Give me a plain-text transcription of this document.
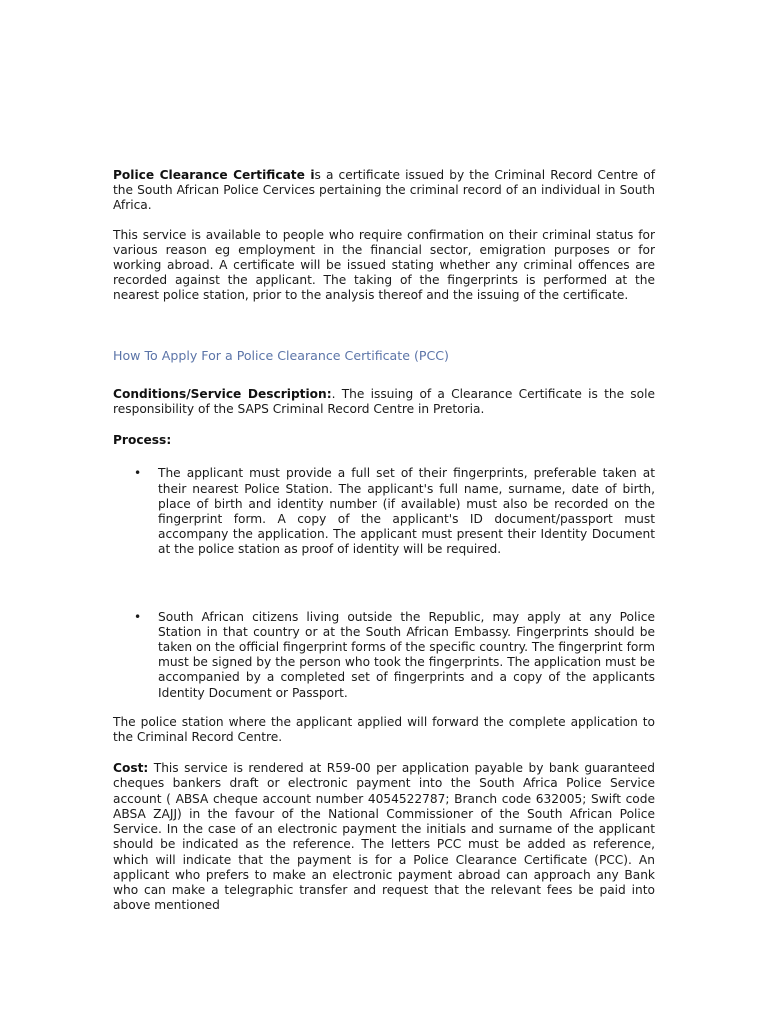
Police Clearance Certificate is a certificate issued by the Criminal Record Centre of the South African Police Cervices pertaining the criminal record of an individual in South Africa.

This service is available to people who require confirmation on their criminal status for various reason eg employment in the financial sector, emigration purposes or for working abroad. A certificate will be issued stating whether any criminal offences are recorded against the applicant. The taking of the fingerprints is performed at the nearest police station, prior to the analysis thereof and the issuing of the certificate.

How To Apply For a Police Clearance Certificate (PCC)

Conditions/Service Description:. The issuing of a Clearance Certificate is the sole responsibility of the SAPS Criminal Record Centre in Pretoria.

Process:

• The applicant must provide a full set of their fingerprints, preferable taken at their nearest Police Station. The applicant's full name, surname, date of birth, place of birth and identity number (if available) must also be recorded on the fingerprint form. A copy of the applicant's ID document/passport must accompany the application. The applicant must present their Identity Document at the police station as proof of identity will be required.
• South African citizens living outside the Republic, may apply at any Police Station in that country or at the South African Embassy. Fingerprints should be taken on the official fingerprint forms of the specific country. The fingerprint form must be signed by the person who took the fingerprints. The application must be accompanied by a completed set of fingerprints and a copy of the applicants Identity Document or Passport.

The police station where the applicant applied will forward the complete application to the Criminal Record Centre.

Cost: This service is rendered at R59-00 per application payable by bank guaranteed cheques bankers draft or electronic payment into the South Africa Police Service account ( ABSA cheque account number 4054522787; Branch code 632005; Swift code ABSA ZAJJ) in the favour of the National Commissioner of the South African Police Service. In the case of an electronic payment the initials and surname of the applicant should be indicated as the reference. The letters PCC must be added as reference, which will indicate that the payment is for a Police Clearance Certificate (PCC). An applicant who prefers to make an electronic payment abroad can approach any Bank who can make a telegraphic transfer and request that the relevant fees be paid into above mentioned
